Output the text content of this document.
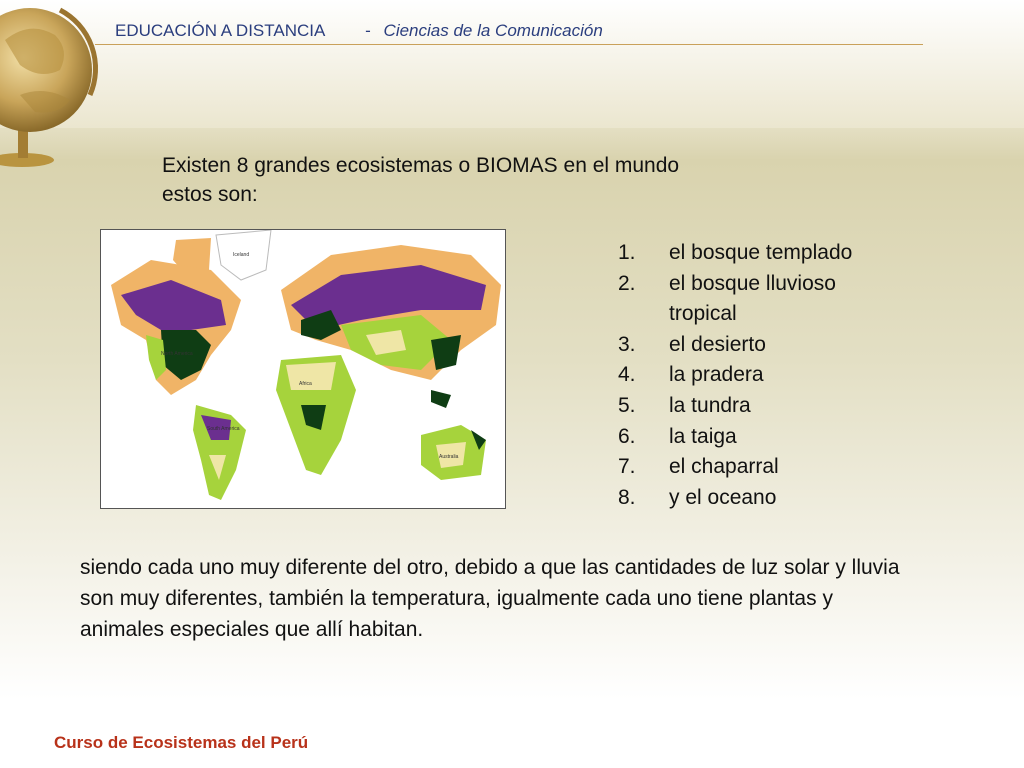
EDUCACIÓN A DISTANCIA - Ciencias de la Comunicación
Existen 8 grandes ecosistemas o BIOMAS en el mundo estos son:
Iceland
North America
Africa
South America
Australia
1.	el bosque templado
2.	el bosque lluvioso tropical
3.	el desierto
4.	la pradera
5.	la tundra
6.	la taiga
7.	el chaparral
8.	y el oceano
siendo cada uno muy diferente del otro, debido a que las cantidades de luz solar y lluvia son muy diferentes, también la temperatura, igualmente cada uno tiene plantas y animales especiales que allí habitan.
Curso de Ecosistemas del Perú
